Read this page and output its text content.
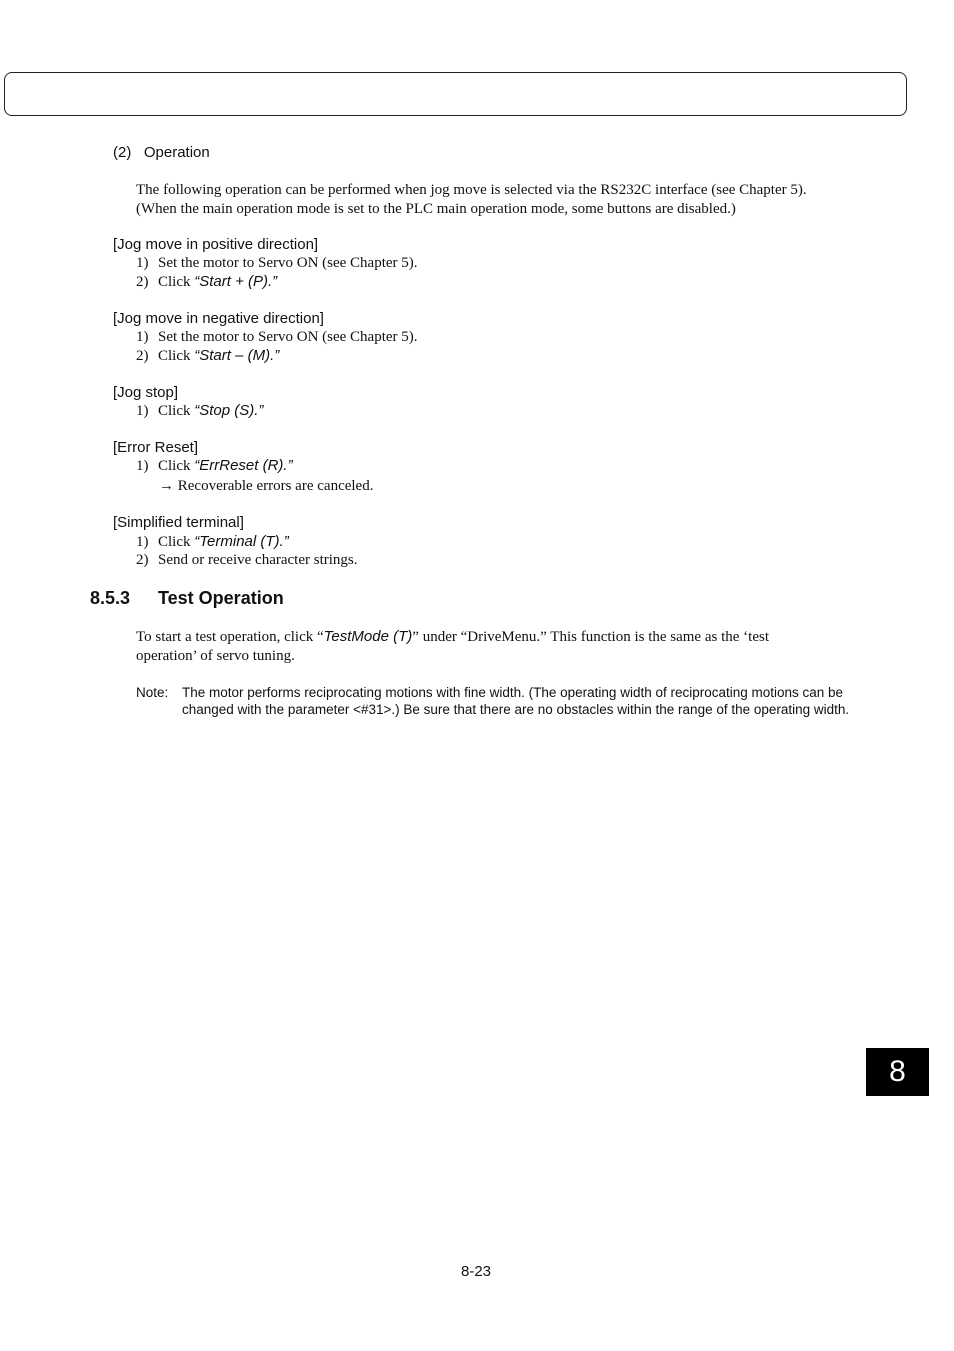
(2) Operation
The following operation can be performed when jog move is selected via the RS232C interface (see Chapter 5).
(When the main operation mode is set to the PLC main operation mode, some buttons are disabled.)
[Jog move in positive direction]
1) Set the motor to Servo ON (see Chapter 5).
2) Click “Start + (P).”
[Jog move in negative direction]
1) Set the motor to Servo ON (see Chapter 5).
2) Click “Start – (M).”
[Jog stop]
1) Click “Stop (S).”
[Error Reset]
1) Click “ErrReset (R).”
→ Recoverable errors are canceled.
[Simplified terminal]
1) Click “Terminal (T).”
2) Send or receive character strings.
8.5.3 Test Operation
To start a test operation, click “TestMode (T)” under “DriveMenu.” This function is the same as the ‘test
operation’ of servo tuning.
Note: The motor performs reciprocating motions with fine width. (The operating width of reciprocating motions can be changed with the parameter <#31>.) Be sure that there are no obstacles within the range of the operating width.
8
8-23
